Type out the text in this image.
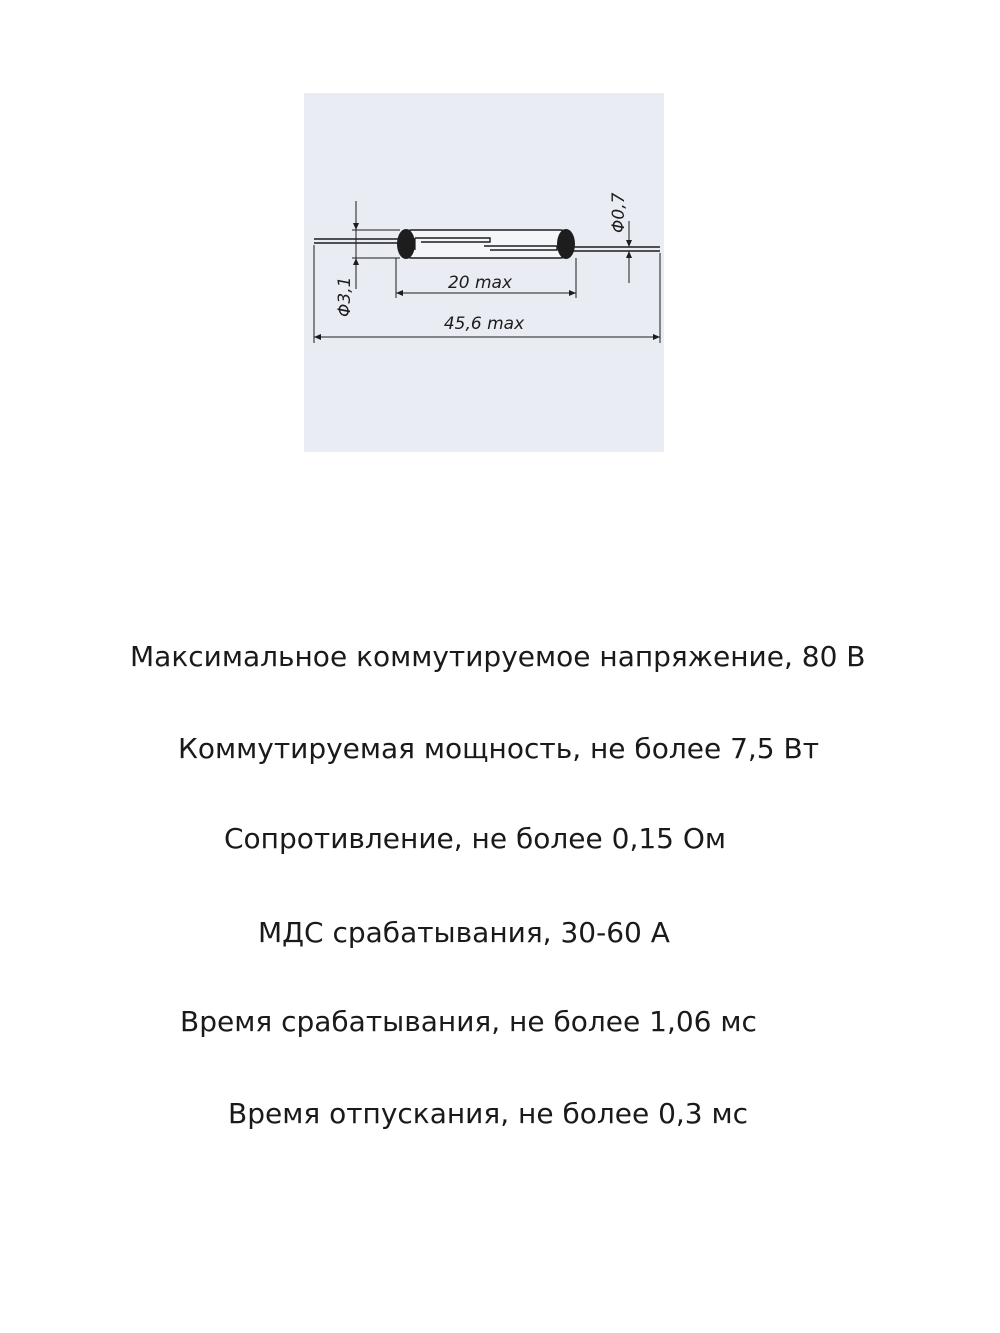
Φ3,1
Φ0,7
20 max
45,6 max
Максимальное коммутируемое напряжение, 80 В
Коммутируемая мощность, не более 7,5 Вт
Сопротивление, не более 0,15 Ом
МДС срабатывания, 30-60 А
Время срабатывания, не более 1,06 мс
Время отпускания, не более 0,3 мс
